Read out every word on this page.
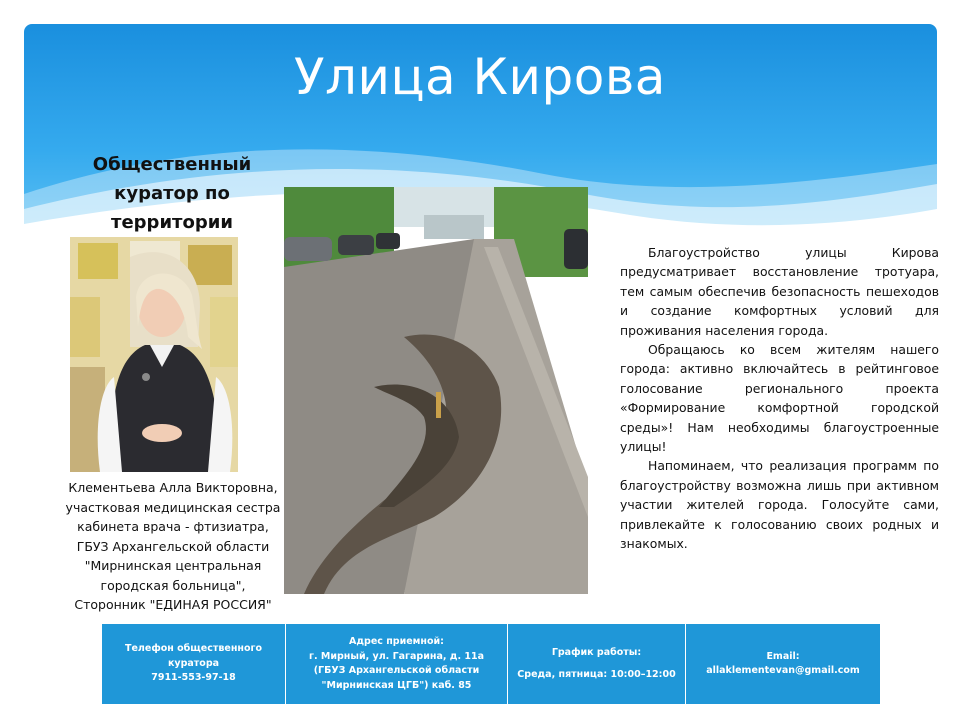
Улица Кирова
Общественный куратор по территории
Клементьева Алла Викторовна,
участковая медицинская сестра
кабинета врача - фтизиатра,
ГБУЗ Архангельской области
"Мирнинская центральная
городская больница",
Сторонник "ЕДИНАЯ РОССИЯ"

Благоустройство улицы Кирова предусматривает восстановление тротуара, тем самым обеспечив безопасность пешеходов и создание комфортных условий для проживания населения города.

Обращаюсь ко всем жителям нашего города: активно включайтесь в рейтинговое голосование регионального проекта «Формирование комфортной городской среды»! Нам необходимы благоустроенные улицы!

Напоминаем, что реализация программ по благоустройству возможна лишь при активном участии жителей города. Голосуйте сами, привлекайте к голосованию своих родных и знакомых.

Телефон общественного куратора
7911-553-97-18
Адрес приемной:
г. Мирный, ул. Гагарина, д. 11а (ГБУЗ Архангельской области "Мирнинская ЦГБ") каб. 85
График работы:
Среда, пятница: 10:00–12:00
Email:
allaklementevan@gmail.com
